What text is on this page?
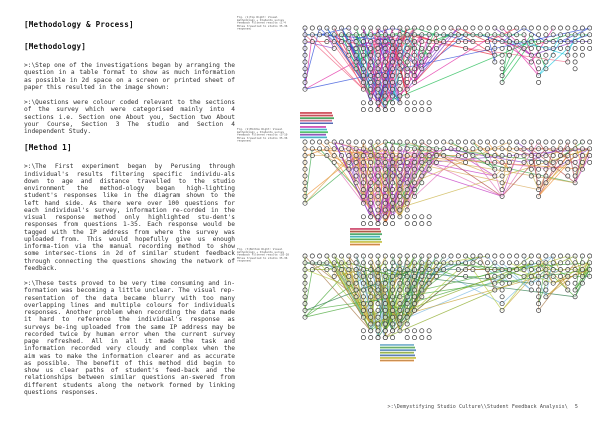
[Methodology & Process]
[Methodology]

>:\Step one of the investigations began by arranging the question in a table format to show as much information as possible in 2d space on a screen or printed sheet of paper this resulted in the image shown:

>:\Questions were colour coded relevant to the sections of the survey which were categorised mainly into 4 sections i.e. Section one About you, Section two About your Course, Section 3 The studio and Section 4 independent Study.

[Method 1]

>:\The First experiment began by Perusing through individual's results filtering specific individu-als down to age and distance travelled to the studio environment the method-ology began high-lighting student's responses like in the diagram shown to the left hand side. As there were over 100 questions for each individual's survey, information re-corded in the visual response method only highlighted stu-dent's responses from questions 1-35. Each response would be tagged with the IP address from where the survey was uploaded from. This would hopefully give us enough informa-tion via the manual recording method to show some intersec-tions in 2d of similar student feedback through connecting the questions showing the network of feedback.

>:\These tests proved to be very time consuming and in-formation was becoming a little unclear. The visual rep-resentation of the data became blurry with too many overlapping lines and multiple colours for individuals responses. Another problem when recording the data made it hard to reference the individual's response as surveys be-ing uploaded from the same IP address may be recorded twice by human error when the current survey page refreshed. All in all it made the task and information recorded very cloudy and complex when the aim was to make the information clearer and as accurate as possible. The benefit of this method did begin to show us clear paths of student's feed-back and the relationships between similar questions an-swered from different students along the network formed by linking questions responses.

Fig. (1)Top Right: Visual methodology + Students survey feedback filtered results (1-4 Miles travelled to studio 35-36 response)
Fig. (2)Middle Right: Visual methodology + Students survey feedback filtered results (5-10 Miles travelled to studio 35-36 response)
Fig. (3)Bottom Right: Visual methodology + Students survey feedback filtered results (10-20 Miles travelled to studio 35-36 response)
>:\Demystifying Studio Culture\\Student Feedback Analysis\ 5
